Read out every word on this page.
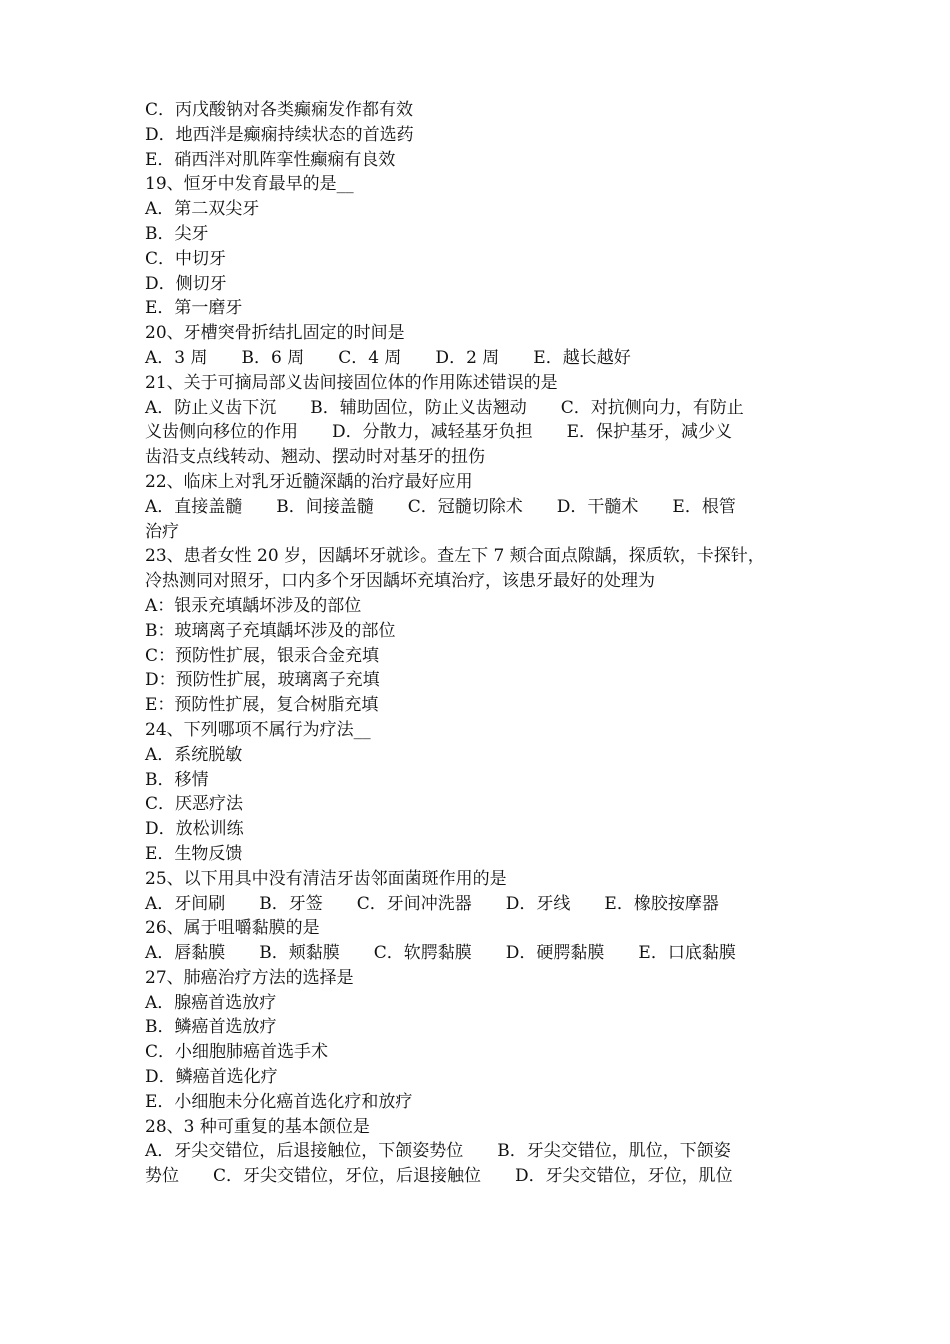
C．丙戊酸钠对各类癫痫发作都有效
D．地西泮是癫痫持续状态的首选药
E．硝西泮对肌阵挛性癫痫有良效
19、恒牙中发育最早的是__
A．第二双尖牙
B．尖牙
C．中切牙
D．侧切牙
E．第一磨牙
20、牙槽突骨折结扎固定的时间是
A．3 周　　B．6 周　　C．4 周　　D．2 周　　E．越长越好
21、关于可摘局部义齿间接固位体的作用陈述错误的是
A．防止义齿下沉　　B．辅助固位，防止义齿翘动　　C．对抗侧向力，有防止
义齿侧向移位的作用　　D．分散力，减轻基牙负担　　E．保护基牙，减少义
齿沿支点线转动、翘动、摆动时对基牙的扭伤
22、临床上对乳牙近髓深龋的治疗最好应用
A．直接盖髓　　B．间接盖髓　　C．冠髓切除术　　D．干髓术　　E．根管
治疗
23、患者女性 20 岁，因龋坏牙就诊。查左下 7 颊合面点隙龋，探质软，卡探针，
冷热测同对照牙，口内多个牙因龋坏充填治疗，该患牙最好的处理为
A：银汞充填龋坏涉及的部位
B：玻璃离子充填龋坏涉及的部位
C：预防性扩展，银汞合金充填
D：预防性扩展，玻璃离子充填
E：预防性扩展，复合树脂充填
24、下列哪项不属行为疗法__
A．系统脱敏
B．移情
C．厌恶疗法
D．放松训练
E．生物反馈
25、以下用具中没有清洁牙齿邻面菌斑作用的是
A．牙间刷　　B．牙签　　C．牙间冲洗器　　D．牙线　　E．橡胶按摩器
26、属于咀嚼黏膜的是
A．唇黏膜　　B．颊黏膜　　C．软腭黏膜　　D．硬腭黏膜　　E．口底黏膜
27、肺癌治疗方法的选择是
A．腺癌首选放疗
B．鳞癌首选放疗
C．小细胞肺癌首选手术
D．鳞癌首选化疗
E．小细胞未分化癌首选化疗和放疗
28、3 种可重复的基本颌位是
A．牙尖交错位，后退接触位，下颌姿势位　　B．牙尖交错位，肌位，下颌姿
势位　　C．牙尖交错位，牙位，后退接触位　　D．牙尖交错位，牙位，肌位
